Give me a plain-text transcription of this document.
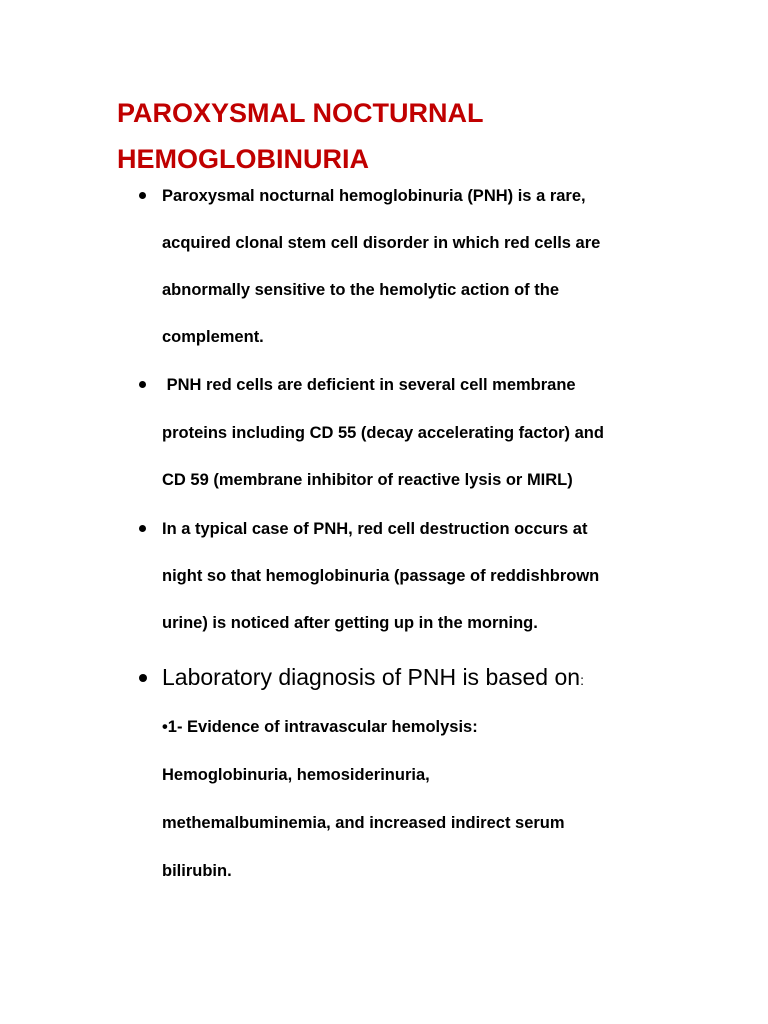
PAROXYSMAL NOCTURNAL HEMOGLOBINURIA

Paroxysmal nocturnal hemoglobinuria (PNH) is a rare,

acquired clonal stem cell disorder in which red cells are

abnormally sensitive to the hemolytic action of the

complement.

PNH red cells are deficient in several cell membrane

proteins including CD 55 (decay accelerating factor) and

CD 59 (membrane inhibitor of reactive lysis or MIRL)

In a typical case of PNH, red cell destruction occurs at

night so that hemoglobinuria (passage of reddishbrown

urine) is noticed after getting up in the morning.

Laboratory diagnosis of PNH is based on:

•1- Evidence of intravascular hemolysis:

Hemoglobinuria, hemosiderinuria,

methemalbuminemia, and increased indirect serum

bilirubin.
